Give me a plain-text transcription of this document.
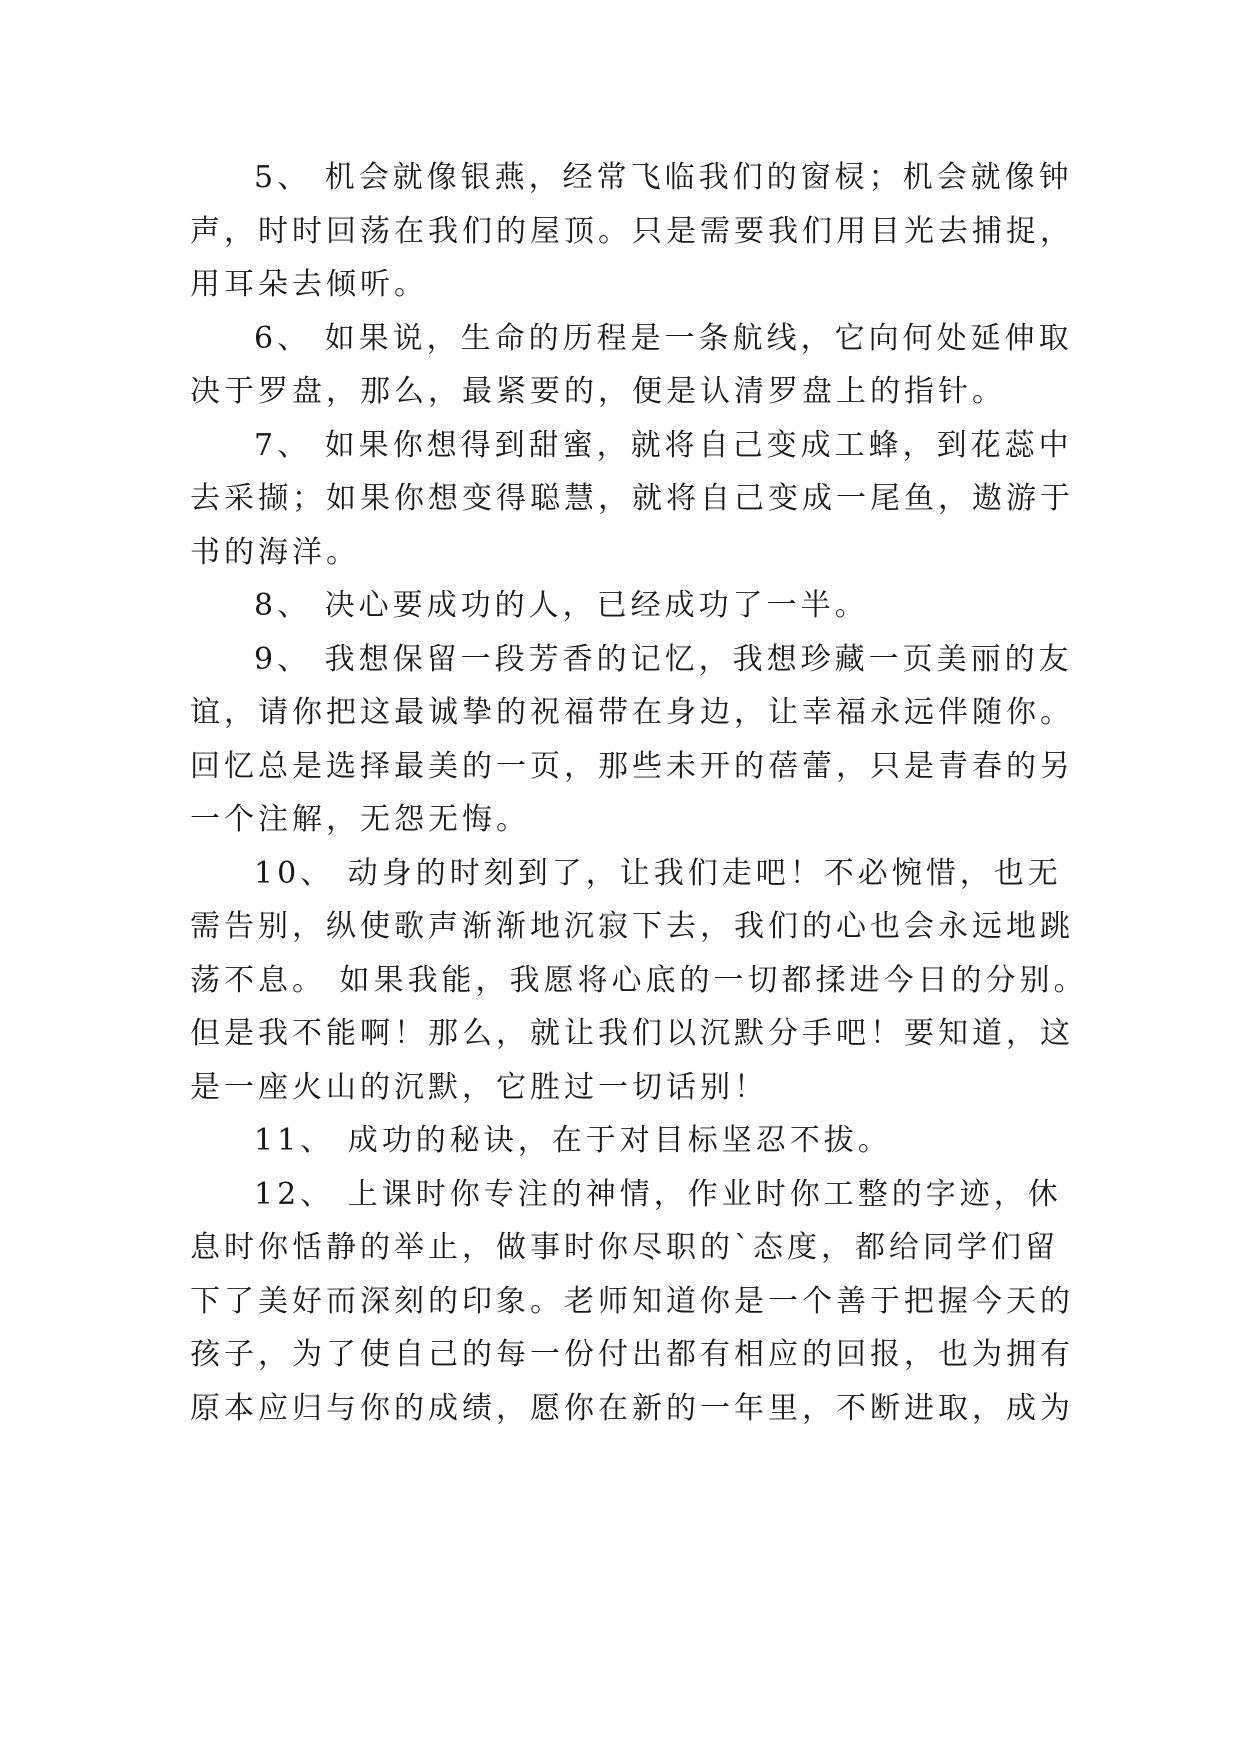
5、 机会就像银燕，经常飞临我们的窗棂；机会就像钟
声，时时回荡在我们的屋顶。只是需要我们用目光去捕捉，
用耳朵去倾听。
6、 如果说，生命的历程是一条航线，它向何处延伸取
决于罗盘，那么，最紧要的，便是认清罗盘上的指针。
7、 如果你想得到甜蜜，就将自己变成工蜂，到花蕊中
去采撷；如果你想变得聪慧，就将自己变成一尾鱼，遨游于
书的海洋。
8、 决心要成功的人，已经成功了一半。
9、 我想保留一段芳香的记忆，我想珍藏一页美丽的友
谊，请你把这最诚挚的祝福带在身边，让幸福永远伴随你。
回忆总是选择最美的一页，那些未开的蓓蕾，只是青春的另
一个注解，无怨无悔。
10、 动身的时刻到了，让我们走吧！不必惋惜，也无
需告别，纵使歌声渐渐地沉寂下去，我们的心也会永远地跳
荡不息。 如果我能，我愿将心底的一切都揉进今日的分别。
但是我不能啊！那么，就让我们以沉默分手吧！要知道，这
是一座火山的沉默，它胜过一切话别！
11、 成功的秘诀，在于对目标坚忍不拔。
12、 上课时你专注的神情，作业时你工整的字迹，休
息时你恬静的举止，做事时你尽职的`态度，都给同学们留
下了美好而深刻的印象。老师知道你是一个善于把握今天的
孩子，为了使自己的每一份付出都有相应的回报，也为拥有
原本应归与你的成绩，愿你在新的一年里，不断进取，成为
